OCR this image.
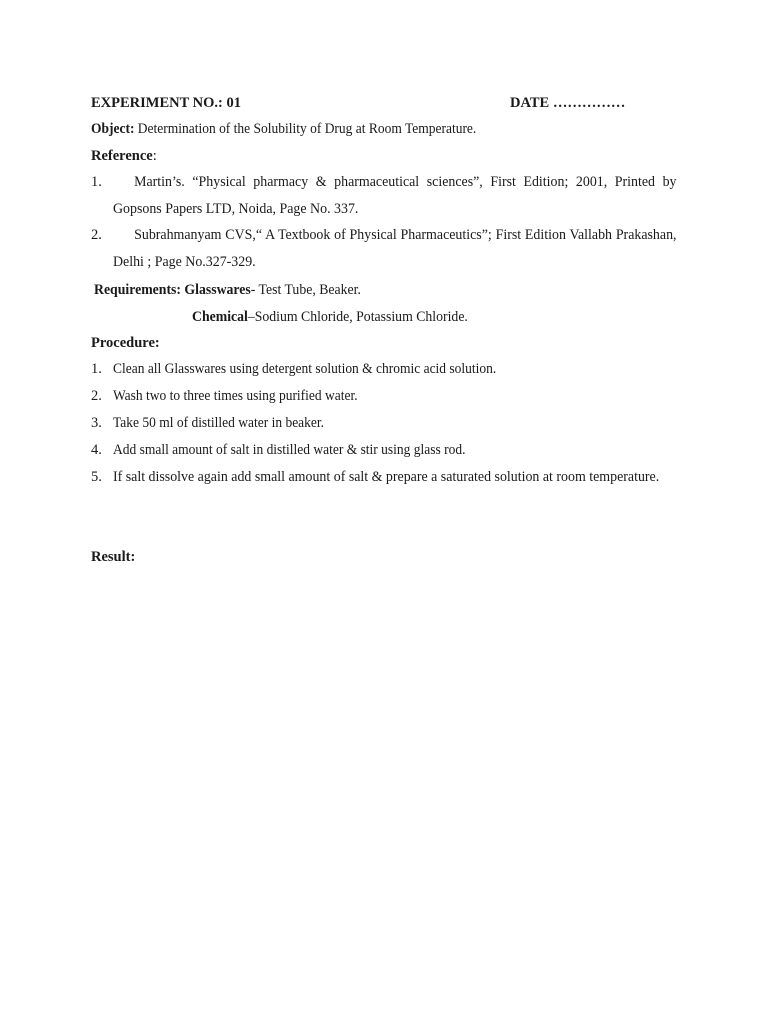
EXPERIMENT NO.: 01	DATE ……………
Object: Determination of the Solubility of Drug at Room Temperature.
Reference:
1.	Martin’s. “Physical pharmacy & pharmaceutical sciences”, First Edition; 2001, Printed by Gopsons Papers LTD, Noida, Page No. 337.
2.	Subrahmanyam CVS,“ A Textbook of Physical Pharmaceutics”; First Edition Vallabh Prakashan, Delhi ; Page No.327-329.
Requirements: Glasswares- Test Tube, Beaker.
Chemical–Sodium Chloride, Potassium Chloride.
Procedure:
1. Clean all Glasswares using detergent solution & chromic acid solution.
2. Wash two to three times using purified water.
3. Take 50 ml of distilled water in beaker.
4. Add small amount of salt in distilled water & stir using glass rod.
5. If salt dissolve again add small amount of salt & prepare a saturated solution at room temperature.
Result:
